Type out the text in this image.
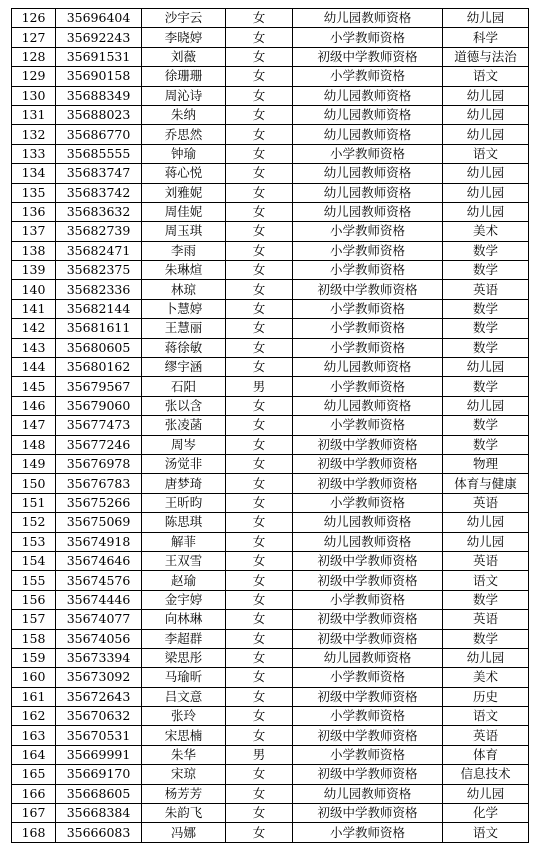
126	35696404	沙宇云	女	幼儿园教师资格	幼儿园
127	35692243	李晓婷	女	小学教师资格	科学
128	35691531	刘薇	女	初级中学教师资格	道德与法治
129	35690158	徐珊珊	女	小学教师资格	语文
130	35688349	周沁诗	女	幼儿园教师资格	幼儿园
131	35688023	朱纳	女	幼儿园教师资格	幼儿园
132	35686770	乔思然	女	幼儿园教师资格	幼儿园
133	35685555	钟瑜	女	小学教师资格	语文
134	35683747	蒋心悦	女	幼儿园教师资格	幼儿园
135	35683742	刘雅妮	女	幼儿园教师资格	幼儿园
136	35683632	周佳妮	女	幼儿园教师资格	幼儿园
137	35682739	周玉琪	女	小学教师资格	美术
138	35682471	李雨	女	小学教师资格	数学
139	35682375	朱琳煊	女	小学教师资格	数学
140	35682336	林琼	女	初级中学教师资格	英语
141	35682144	卜慧婷	女	小学教师资格	数学
142	35681611	王慧丽	女	小学教师资格	数学
143	35680605	蒋徐敏	女	小学教师资格	数学
144	35680162	缪宇涵	女	幼儿园教师资格	幼儿园
145	35679567	石阳	男	小学教师资格	数学
146	35679060	张以含	女	幼儿园教师资格	幼儿园
147	35677473	张凌菡	女	小学教师资格	数学
148	35677246	周岑	女	初级中学教师资格	数学
149	35676978	汤觉非	女	初级中学教师资格	物理
150	35676783	唐梦琦	女	初级中学教师资格	体育与健康
151	35675266	王昕昀	女	小学教师资格	英语
152	35675069	陈思琪	女	幼儿园教师资格	幼儿园
153	35674918	解菲	女	幼儿园教师资格	幼儿园
154	35674646	王双雪	女	初级中学教师资格	英语
155	35674576	赵瑜	女	初级中学教师资格	语文
156	35674446	金宇婷	女	小学教师资格	数学
157	35674077	向林琳	女	初级中学教师资格	英语
158	35674056	李超群	女	初级中学教师资格	数学
159	35673394	梁思彤	女	幼儿园教师资格	幼儿园
160	35673092	马瑜昕	女	小学教师资格	美术
161	35672643	吕文意	女	初级中学教师资格	历史
162	35670632	张玲	女	小学教师资格	语文
163	35670531	宋思楠	女	初级中学教师资格	英语
164	35669991	朱华	男	小学教师资格	体育
165	35669170	宋琼	女	初级中学教师资格	信息技术
166	35668605	杨芳芳	女	幼儿园教师资格	幼儿园
167	35668384	朱韵飞	女	初级中学教师资格	化学
168	35666083	冯娜	女	小学教师资格	语文
